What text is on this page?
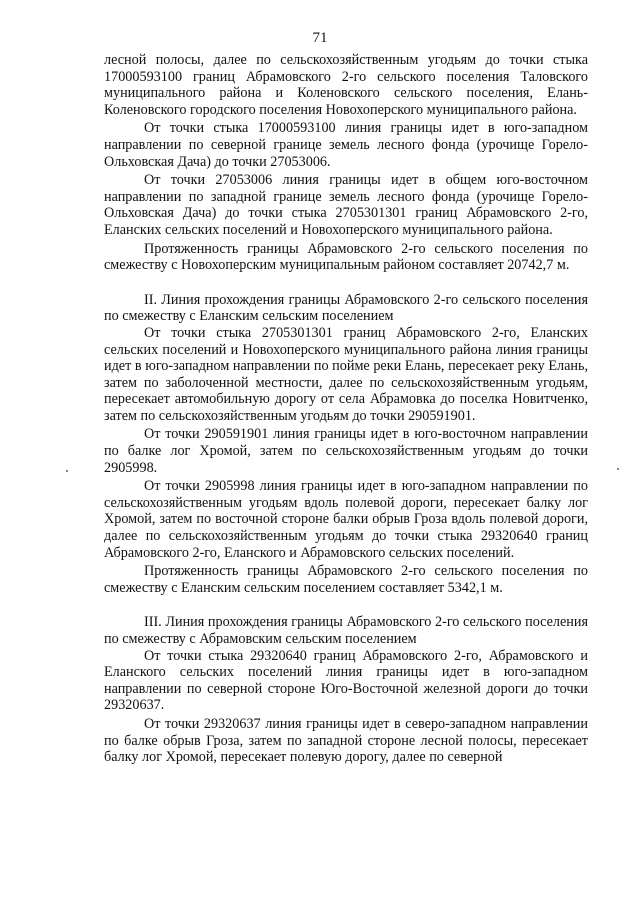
71

лесной полосы, далее по сельскохозяйственным угодьям до точки стыка 17000593100 границ Абрамовского 2-го сельского поселения Таловского муниципального района и Коленовского сельского поселения, Елань-Коленовского городского поселения Новохоперского муниципального района.

От точки стыка 17000593100 линия границы идет в юго-западном направлении по северной границе земель лесного фонда (урочище Горело-Ольховская Дача) до точки 27053006.

От точки 27053006 линия границы идет в общем юго-восточном направлении по западной границе земель лесного фонда (урочище Горело-Ольховская Дача) до точки стыка 2705301301 границ Абрамовского 2-го, Еланских сельских поселений и Новохоперского муниципального района.

Протяженность границы Абрамовского 2-го сельского поселения по смежеству с Новохоперским муниципальным районом составляет 20742,7 м.

II. Линия прохождения границы Абрамовского 2-го сельского поселения по смежеству с Еланским сельским поселением

От точки стыка 2705301301 границ Абрамовского 2-го, Еланских сельских поселений и Новохоперского муниципального района линия границы идет в юго-западном направлении по пойме реки Елань, пересекает реку Елань, затем по заболоченной местности, далее по сельскохозяйственным угодьям, пересекает автомобильную дорогу от села Абрамовка до поселка Новитченко, затем по сельскохозяйственным угодьям до точки 290591901.

От точки 290591901 линия границы идет в юго-восточном направлении по балке лог Хромой, затем по сельскохозяйственным угодьям до точки 2905998.

От точки 2905998 линия границы идет в юго-западном направлении по сельскохозяйственным угодьям вдоль полевой дороги, пересекает балку лог Хромой, затем по восточной стороне балки обрыв Гроза вдоль полевой дороги, далее по сельскохозяйственным угодьям до точки стыка 29320640 границ Абрамовского 2-го, Еланского и Абрамовского сельских поселений.

Протяженность границы Абрамовского 2-го сельского поселения по смежеству с Еланским сельским поселением составляет 5342,1 м.

III. Линия прохождения границы Абрамовского 2-го сельского поселения по смежеству с Абрамовским сельским поселением

От точки стыка 29320640 границ Абрамовского 2-го, Абрамовского и Еланского сельских поселений линия границы идет в юго-западном направлении по северной стороне Юго-Восточной железной дороги до точки 29320637.

От точки 29320637 линия границы идет в северо-западном направлении по балке обрыв Гроза, затем по западной стороне лесной полосы, пересекает балку лог Хромой, пересекает полевую дорогу, далее по северной
